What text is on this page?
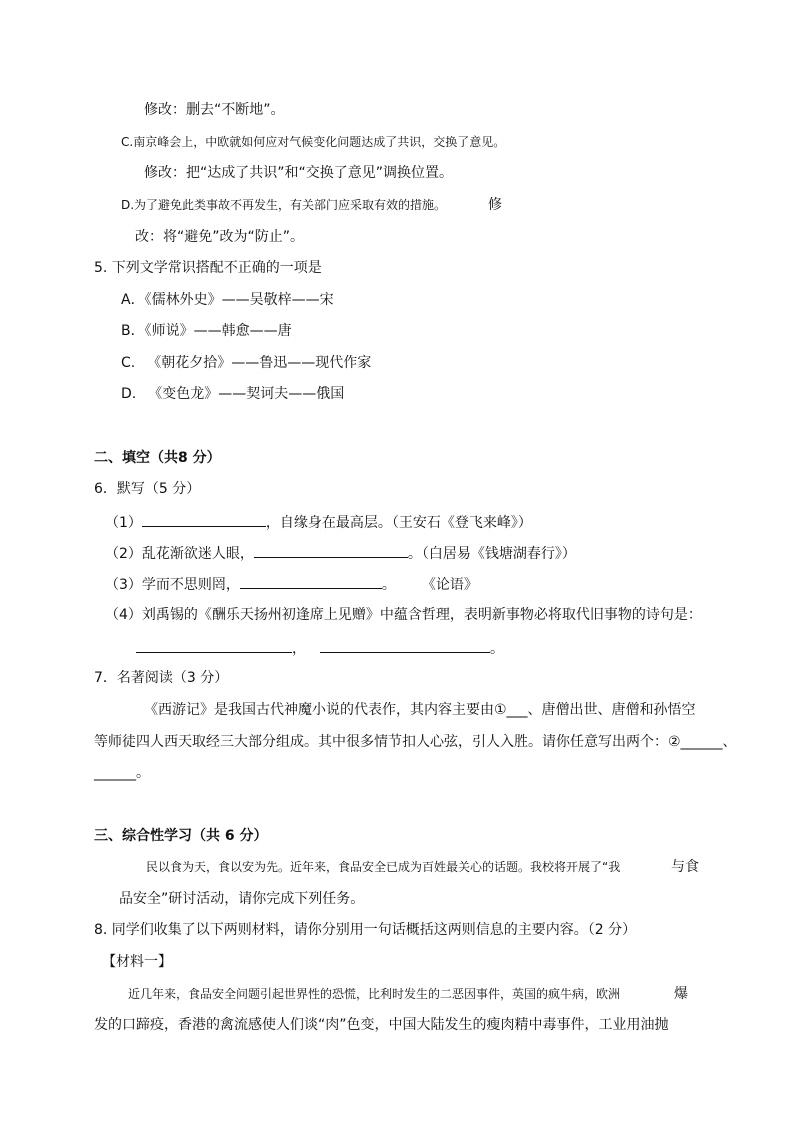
修改：删去“不断地”。
C.南京峰会上，中欧就如何应对气候变化问题达成了共识，交换了意见。
修改：把“达成了共识”和“交换了意见”调换位置。
D.为了避免此类事故不再发生，有关部门应采取有效的措施。	修
改：将“避免”改为“防止”。
5. 下列文学常识搭配不正确的一项是
A．《儒林外史》——吴敬梓——宋
B．《师说》——韩愈——唐
C. 《朝花夕拾》——鲁迅——现代作家
D. 《变色龙》——契诃夫——俄国
二、填空（共8 分）
6．默写（5 分）
（1）	，自缘身在最高层。（王安石《登飞来峰》）
（2）乱花渐欲迷人眼，	。（白居易《钱塘湖春行》）
（3）学而不思则罔，	。 《论语》
（4）刘禹锡的《酬乐天扬州初逢席上见赠》中蕴含哲理，表明新事物必将取代旧事物的诗句是：
，	。
7．名著阅读（3 分）
《西游记》是我国古代神魔小说的代表作，其内容主要由①___、唐僧出世、唐僧和孙悟空
等师徒四人西天取经三大部分组成。其中很多情节扣人心弦，引人入胜。请你任意写出两个：②______、
______。
三、综合性学习（共 6 分）
民以食为天，食以安为先。近年来，食品安全已成为百姓最关心的话题。我校将开展了“我	与食
品安全”研讨活动，请你完成下列任务。
8. 同学们收集了以下两则材料，请你分别用一句话概括这两则信息的主要内容。（2 分）
【材料一】
近几年来，食品安全问题引起世界性的恐慌，比利时发生的二恶因事件，英国的疯牛病，欧洲	爆
发的口蹄疫，香港的禽流感使人们谈“肉”色变，中国大陆发生的瘦肉精中毒事件，工业用油抛
